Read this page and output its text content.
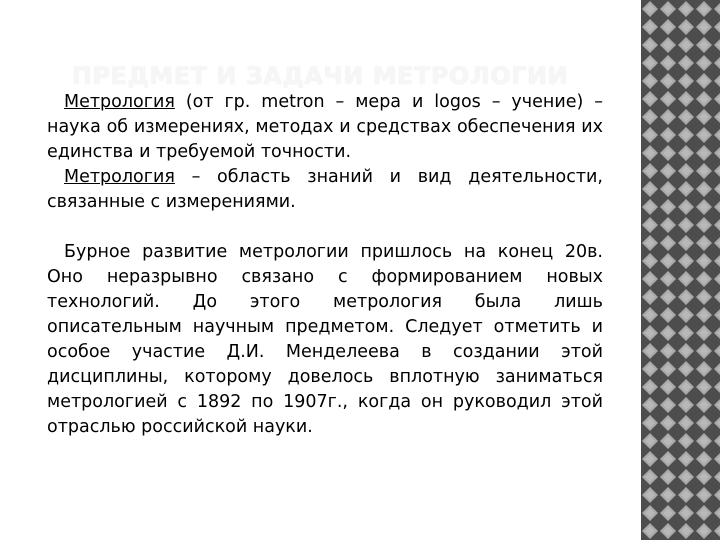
ПРЕДМЕТ И ЗАДАЧИ МЕТРОЛОГИИ

Метрология (от гр. metron – мера и logos – учение) – наука об измерениях, методах и средствах обеспечения их единства и требуемой точности.

Метрология – область знаний и вид деятельности, связанные с измерениями.

Бурное развитие метрологии пришлось на конец 20в. Оно неразрывно связано с формированием новых технологий. До этого метрология была лишь описательным научным предметом. Следует отметить и особое участие Д.И. Менделеева в создании этой дисциплины, которому довелось вплотную заниматься метрологией с 1892 по 1907г., когда он руководил этой отраслью российской науки.
